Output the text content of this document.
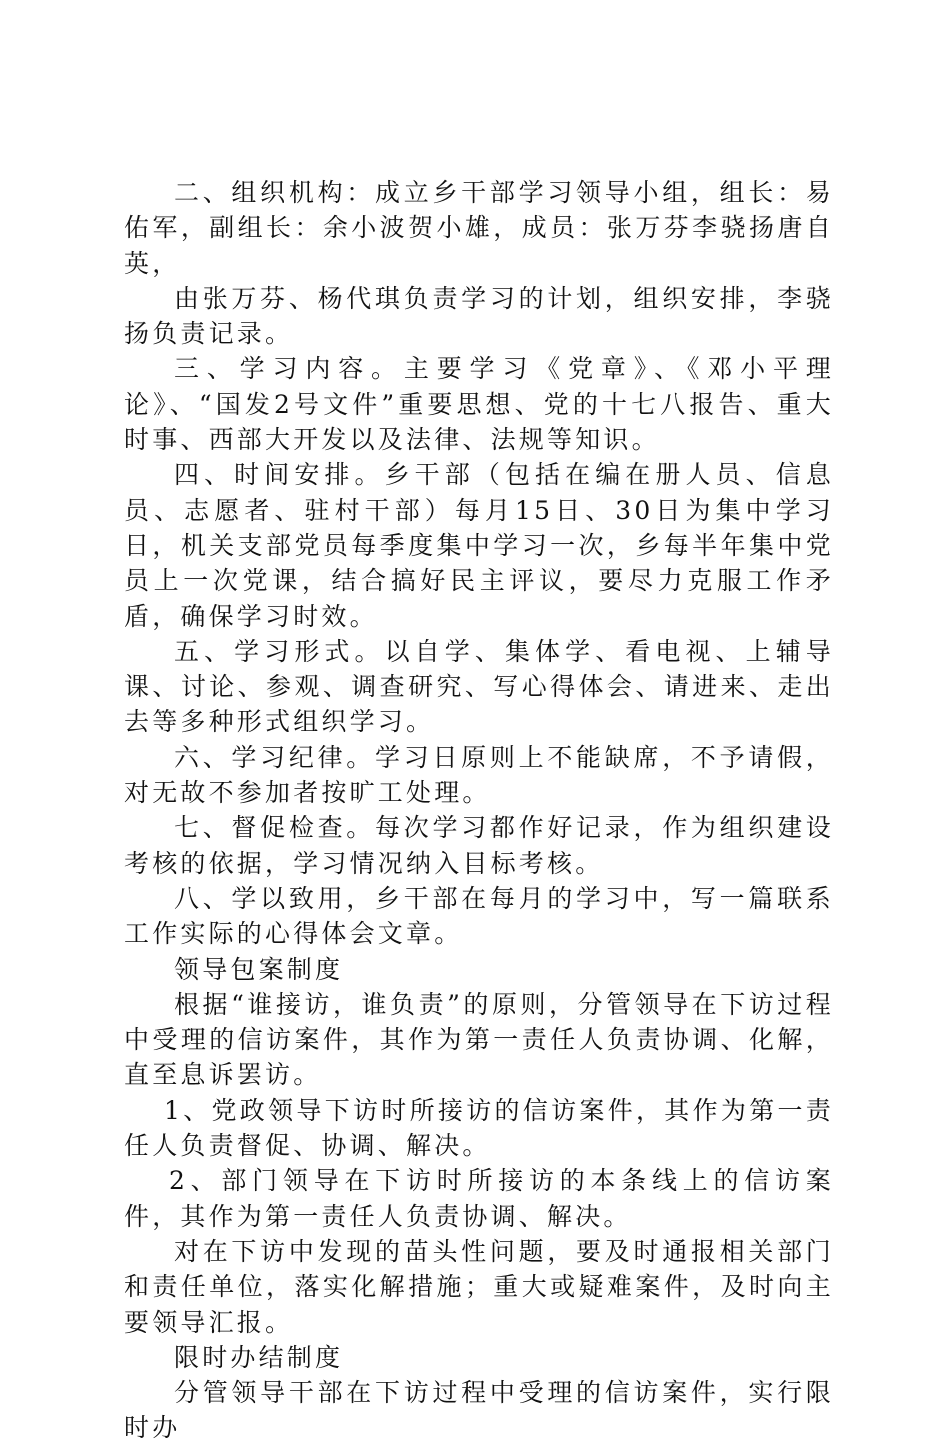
二、组织机构：成立乡干部学习领导小组，组长：易佑军，副组长：余小波贺小雄，成员：张万芬李骁扬唐自英，

由张万芬、杨代琪负责学习的计划，组织安排，李骁扬负责记录。

三、学习内容。主要学习《党章》、《邓小平理论》、“国发2号文件”重要思想、党的十七八报告、重大时事、西部大开发以及法律、法规等知识。

四、时间安排。乡干部（包括在编在册人员、信息员、志愿者、驻村干部）每月15日、30日为集中学习日，机关支部党员每季度集中学习一次，乡每半年集中党员上一次党课，结合搞好民主评议，要尽力克服工作矛盾，确保学习时效。

五、学习形式。以自学、集体学、看电视、上辅导课、讨论、参观、调查研究、写心得体会、请进来、走出去等多种形式组织学习。

六、学习纪律。学习日原则上不能缺席，不予请假，对无故不参加者按旷工处理。

七、督促检查。每次学习都作好记录，作为组织建设考核的依据，学习情况纳入目标考核。

八、学以致用，乡干部在每月的学习中，写一篇联系工作实际的心得体会文章。

领导包案制度

根据“谁接访，谁负责”的原则，分管领导在下访过程中受理的信访案件，其作为第一责任人负责协调、化解，直至息诉罢访。

1、党政领导下访时所接访的信访案件，其作为第一责任人负责督促、协调、解决。

2、部门领导在下访时所接访的本条线上的信访案件，其作为第一责任人负责协调、解决。

对在下访中发现的苗头性问题，要及时通报相关部门和责任单位，落实化解措施；重大或疑难案件，及时向主要领导汇报。

限时办结制度

分管领导干部在下访过程中受理的信访案件，实行限时办
